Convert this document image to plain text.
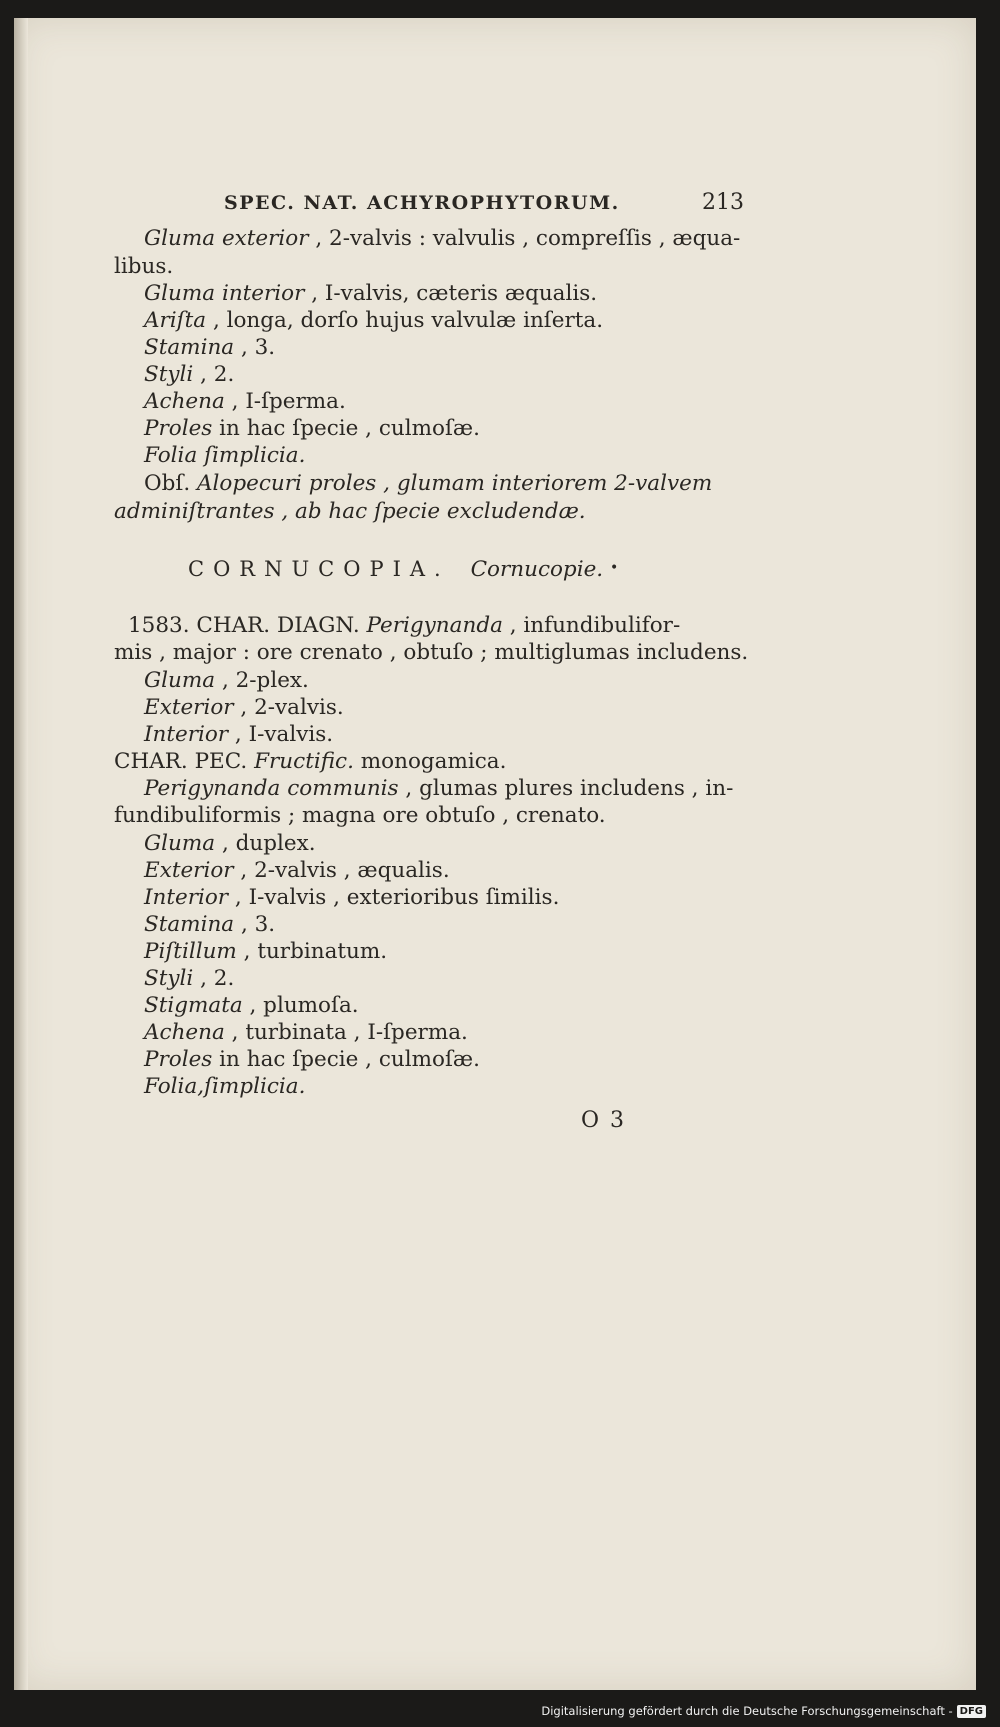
SPEC. NAT. ACHYROPHYTORUM.	213
Gluma exterior , 2-valvis : valvulis , compreſſis , æqua-
libus.
Gluma interior , I-valvis, cæteris æqualis.
Ariſta , longa, dorſo hujus valvulæ inſerta.
Stamina , 3.
Styli , 2.
Achena , I-ſperma.
Proles in hac ſpecie , culmoſæ.
Folia ſimplicia.
Obſ. Alopecuri proles , glumam interiorem 2-valvem
adminiſtrantes , ab hac ſpecie excludendæ.
CORNUCOPIA. Cornucopie. •
1583. CHAR. DIAGN. Perigynanda , infundibulifor-
mis , major : ore crenato , obtuſo ; multiglumas includens.
Gluma , 2-plex.
Exterior , 2-valvis.
Interior , I-valvis.
CHAR. PEC. Fructific. monogamica.
Perigynanda communis , glumas plures includens , in-
fundibuliformis ; magna ore obtuſo , crenato.
Gluma , duplex.
Exterior , 2-valvis , æqualis.
Interior , I-valvis , exterioribus ſimilis.
Stamina , 3.
Piſtillum , turbinatum.
Styli , 2.
Stigmata , plumoſa.
Achena , turbinata , I-ſperma.
Proles in hac ſpecie , culmoſæ.
Folia,ſimplicia.
O 3
Digitalisierung gefördert durch die Deutsche Forschungsgemeinschaft - DFG
